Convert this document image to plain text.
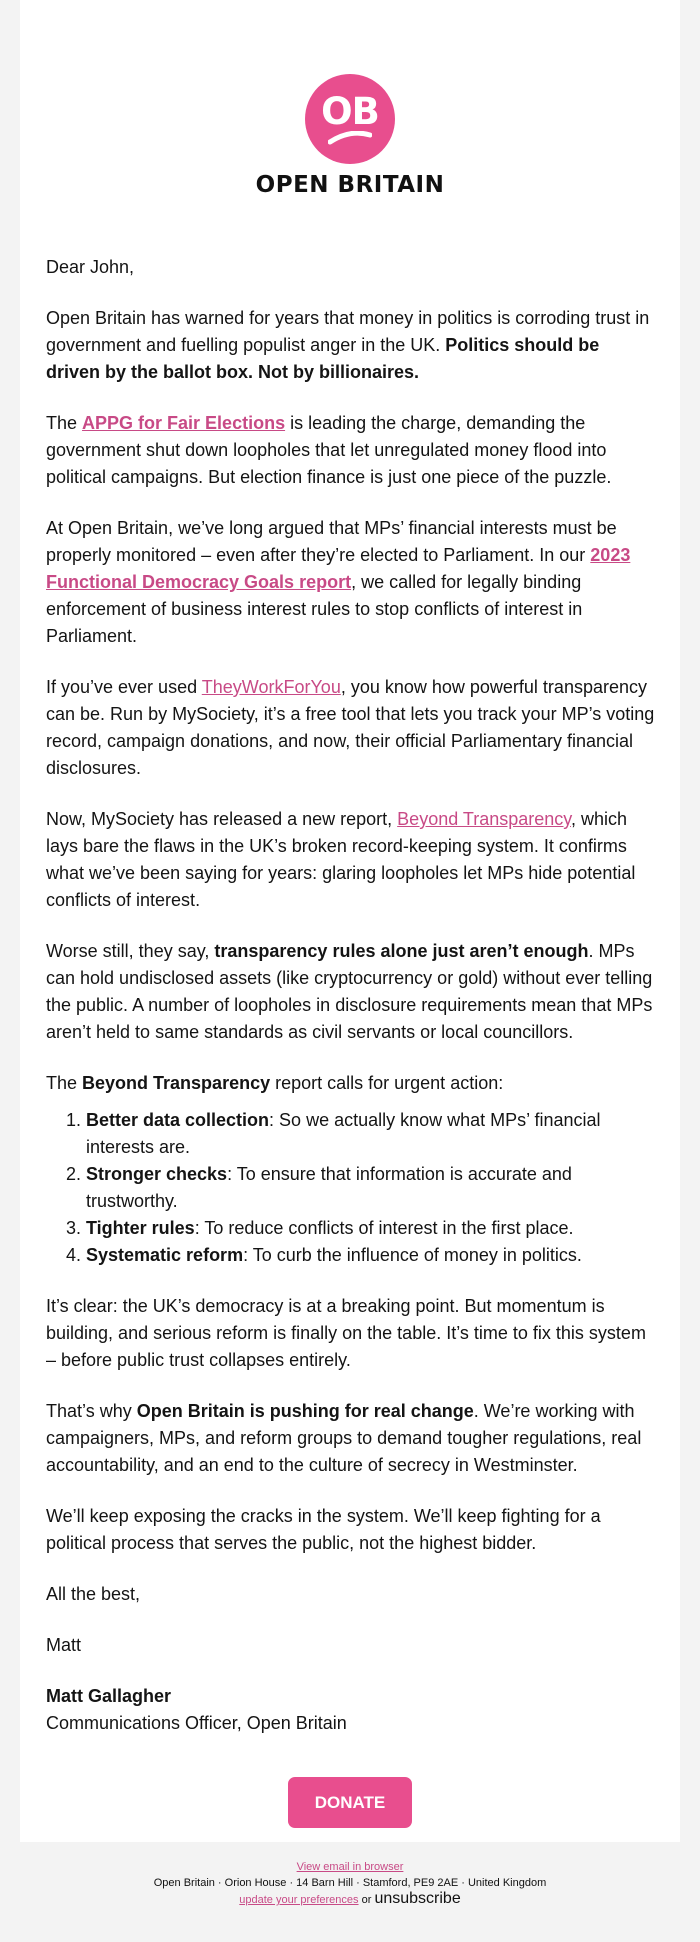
OB
OPEN BRITAIN

Dear John,

Open Britain has warned for years that money in politics is corroding trust in government and fuelling populist anger in the UK. Politics should be driven by the ballot box. Not by billionaires.

The APPG for Fair Elections is leading the charge, demanding the government shut down loopholes that let unregulated money flood into political campaigns. But election finance is just one piece of the puzzle.

At Open Britain, we’ve long argued that MPs’ financial interests must be properly monitored – even after they’re elected to Parliament. In our 2023 Functional Democracy Goals report, we called for legally binding enforcement of business interest rules to stop conflicts of interest in Parliament.

If you’ve ever used TheyWorkForYou, you know how powerful transparency can be. Run by MySociety, it’s a free tool that lets you track your MP’s voting record, campaign donations, and now, their official Parliamentary financial disclosures.

Now, MySociety has released a new report, Beyond Transparency, which lays bare the flaws in the UK’s broken record-keeping system. It confirms what we’ve been saying for years: glaring loopholes let MPs hide potential conflicts of interest.

Worse still, they say, transparency rules alone just aren’t enough. MPs can hold undisclosed assets (like cryptocurrency or gold) without ever telling the public. A number of loopholes in disclosure requirements mean that MPs aren’t held to same standards as civil servants or local councillors.

The Beyond Transparency report calls for urgent action:

1. Better data collection: So we actually know what MPs’ financial interests are.
2. Stronger checks: To ensure that information is accurate and trustworthy.
3. Tighter rules: To reduce conflicts of interest in the first place.
4. Systematic reform: To curb the influence of money in politics.

It’s clear: the UK’s democracy is at a breaking point. But momentum is building, and serious reform is finally on the table. It’s time to fix this system – before public trust collapses entirely.

That’s why Open Britain is pushing for real change. We’re working with campaigners, MPs, and reform groups to demand tougher regulations, real accountability, and an end to the culture of secrecy in Westminster.

We’ll keep exposing the cracks in the system. We’ll keep fighting for a political process that serves the public, not the highest bidder.

All the best,

Matt

Matt Gallagher
Communications Officer, Open Britain

DONATE
View email in browser
Open Britain · Orion House · 14 Barn Hill · Stamford, PE9 2AE · United Kingdom
update your preferences or unsubscribe
